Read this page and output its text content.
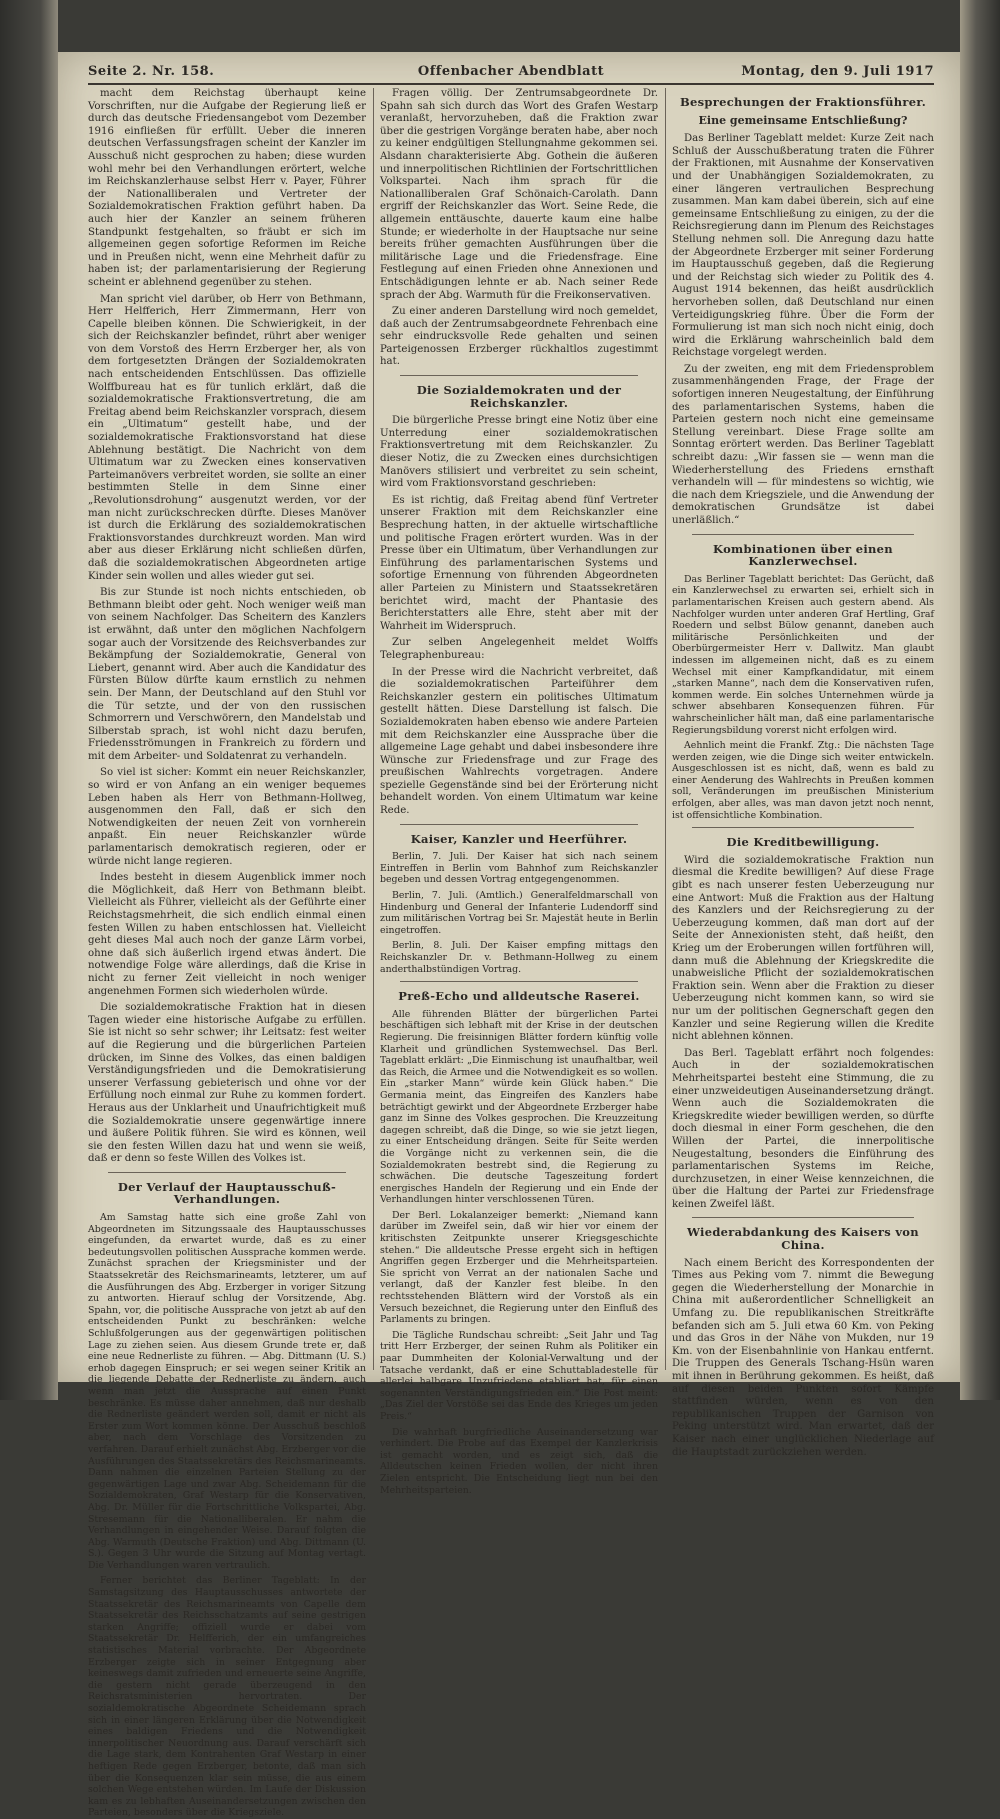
Seite 2. Nr. 158.	Offenbacher Abendblatt	Montag, den 9. Juli 1917

macht dem Reichstag überhaupt keine Vorschriften, nur die Aufgabe der Regierung ließ er durch das deutsche Friedensangebot vom Dezember 1916 einfließen für erfüllt. Ueber die inneren deutschen Verfassungsfragen scheint der Kanzler im Ausschuß nicht gesprochen zu haben; diese wurden wohl mehr bei den Verhandlungen erörtert, welche im Reichskanzlerhause selbst Herr v. Payer, Führer der Nationalliberalen und Vertreter der Sozialdemokratischen Fraktion geführt haben. Da auch hier der Kanzler an seinem früheren Standpunkt festgehalten, so fräubt er sich im allgemeinen gegen sofortige Reformen im Reiche und in Preußen nicht, wenn eine Mehrheit dafür zu haben ist; der parlamentarisierung der Regierung scheint er ablehnend gegenüber zu stehen.

Man spricht viel darüber, ob Herr von Bethmann, Herr Helfferich, Herr Zimmermann, Herr von Capelle bleiben können. Die Schwierigkeit, in der sich der Reichskanzler befindet, rührt aber weniger von dem Vorstoß des Herrn Erzberger her, als von dem fortgesetzten Drängen der Sozialdemokraten nach entscheidenden Entschlüssen. Das offizielle Wolffbureau hat es für tunlich erklärt, daß die sozialdemokratische Fraktionsvertretung, die am Freitag abend beim Reichskanzler vorsprach, diesem ein „Ultimatum“ gestellt habe, und der sozialdemokratische Fraktionsvorstand hat diese Ablehnung bestätigt. Die Nachricht von dem Ultimatum war zu Zwecken eines konservativen Parteimanövers verbreitet worden, sie sollte an einer bestimmten Stelle in dem Sinne einer „Revolutionsdrohung“ ausgenutzt werden, vor der man nicht zurückschrecken dürfte. Dieses Manöver ist durch die Erklärung des sozialdemokratischen Fraktionsvorstandes durchkreuzt worden. Man wird aber aus dieser Erklärung nicht schließen dürfen, daß die sozialdemokratischen Abgeordneten artige Kinder sein wollen und alles wieder gut sei.

Bis zur Stunde ist noch nichts entschieden, ob Bethmann bleibt oder geht. Noch weniger weiß man von seinem Nachfolger. Das Scheitern des Kanzlers ist erwähnt, daß unter den möglichen Nachfolgern sogar auch der Vorsitzende des Reichsverbandes zur Bekämpfung der Sozialdemokratie, General von Liebert, genannt wird. Aber auch die Kandidatur des Fürsten Bülow dürfte kaum ernstlich zu nehmen sein. Der Mann, der Deutschland auf den Stuhl vor die Tür setzte, und der von den russischen Schmorrern und Verschwörern, den Mandelstab und Silberstab sprach, ist wohl nicht dazu berufen, Friedensströmungen in Frankreich zu fördern und mit dem Arbeiter- und Soldatenrat zu verhandeln.

So viel ist sicher: Kommt ein neuer Reichskanzler, so wird er von Anfang an ein weniger bequemes Leben haben als Herr von Bethmann-Hollweg, ausgenommen den Fall, daß er sich den Notwendigkeiten der neuen Zeit von vornherein anpaßt. Ein neuer Reichskanzler würde parlamentarisch demokratisch regieren, oder er würde nicht lange regieren.

Indes besteht in diesem Augenblick immer noch die Möglichkeit, daß Herr von Bethmann bleibt. Vielleicht als Führer, vielleicht als der Geführte einer Reichstagsmehrheit, die sich endlich einmal einen festen Willen zu haben entschlossen hat. Vielleicht geht dieses Mal auch noch der ganze Lärm vorbei, ohne daß sich äußerlich irgend etwas ändert. Die notwendige Folge wäre allerdings, daß die Krise in nicht zu ferner Zeit vielleicht in noch weniger angenehmen Formen sich wiederholen würde.

Die sozialdemokratische Fraktion hat in diesen Tagen wieder eine historische Aufgabe zu erfüllen. Sie ist nicht so sehr schwer; ihr Leitsatz: fest weiter auf die Regierung und die bürgerlichen Parteien drücken, im Sinne des Volkes, das einen baldigen Verständigungsfrieden und die Demokratisierung unserer Verfassung gebieterisch und ohne vor der Erfüllung noch einmal zur Ruhe zu kommen fordert. Heraus aus der Unklarheit und Unaufrichtigkeit muß die Sozialdemokratie unsere gegenwärtige innere und äußere Politik führen. Sie wird es können, weil sie den festen Willen dazu hat und wenn sie weiß, daß er denn so feste Willen des Volkes ist.

Der Verlauf der Hauptausschuß-Verhandlungen.

Am Samstag hatte sich eine große Zahl von Abgeordneten im Sitzungssaale des Hauptausschusses eingefunden, da erwartet wurde, daß es zu einer bedeutungsvollen politischen Aussprache kommen werde. Zunächst sprachen der Kriegsminister und der Staatssekretär des Reichsmarineamts, letzterer, um auf die Ausführungen des Abg. Erzberger in voriger Sitzung zu antworten. Hierauf schlug der Vorsitzende, Abg. Spahn, vor, die politische Aussprache von jetzt ab auf den entscheidenden Punkt zu beschränken: welche Schlußfolgerungen aus der gegenwärtigen politischen Lage zu ziehen seien. Aus diesem Grunde trete er, daß eine neue Rednerliste zu führen. — Abg. Dittmann (U. S.) erhob dagegen Einspruch; er sei wegen seiner Kritik an die liegende Debatte der Rednerliste zu ändern, auch wenn man jetzt die Aussprache auf einen Punkt beschränke. Es müsse daher annehmen, daß nur deshalb die Rednerliste geändert werden soll, damit er nicht als Erster zum Wort kommen könne. Der Ausschuß beschloß aber, nach dem Vorschlage des Vorsitzenden zu verfahren. Darauf erhielt zunächst Abg. Erzberger vor die Ausführungen des Staatssekretärs des Reichsmarineamts. Dann nahmen die einzelnen Parteien Stellung zu der gegenwärtigen Lage und zwar Abg. Scheidemann für die Sozialdemokraten, Graf Westarp für die Konservativen, Abg. Dr. Müller für die Fortschrittliche Volkspartei, Abg. Stresemann für die Nationalliberalen. Er nahm die Verhandlungen in eingehender Weise. Darauf folgten die Abg. Warmuth (Deutsche Fraktion) und Abg. Dittmann (U. S.). Gegen 3 Uhr wurde die Sitzung auf Montag vertagt. Die Verhandlungen waren vertraulich.

Ferner berichtet das Berliner Tageblatt: In der Samstagsitzung des Hauptausschusses antwortete der Staatssekretär des Reichsmarineamts von Capelle dem Staatssekretär des Reichsschatzamts auf seine gestrigen starken Angriffe; offiziell wurde er dabei vom Staatssekretär Dr. Helfferich, der ein umfangreiches statistisches Material vorbrachte. Der Abgeordnete Erzberger zeigte sich in seiner Entgegnung aber keineswegs damit zufrieden und erneuerte seine Angriffe, die gestern nicht gerade überzeugend in den Reichsratsministerien hervortraten. Der sozialdemokratische Abgeordnete Scheidemann sprach sich in einer längeren Erklärung über die Notwendigkeit eines baldigen Friedens und die Notwendigkeit innerpolitischer Neuordnung aus. Darauf verschärft sich die Lage stark, dem Kontrahenten Graf Westarp in einer heftigen Rede gegen Erzberger, betonte, daß man sich über die Konsequenzen klar sein müsse, die aus einem solchen Wege entstehen würden. Im Laufe der Diskussion kam es zu lebhaften Auseinandersetzungen zwischen den Parteien, besonders über die Kriegsziele.

Fragen völlig. Der Zentrumsabgeordnete Dr. Spahn sah sich durch das Wort des Grafen Westarp veranlaßt, hervorzuheben, daß die Fraktion zwar über die gestrigen Vorgänge beraten habe, aber noch zu keiner endgültigen Stellungnahme gekommen sei. Alsdann charakterisierte Abg. Gothein die äußeren und innerpolitischen Richtlinien der Fortschrittlichen Volkspartei. Nach ihm sprach für die Nationalliberalen Graf Schönaich-Carolath. Dann ergriff der Reichskanzler das Wort. Seine Rede, die allgemein enttäuschte, dauerte kaum eine halbe Stunde; er wiederholte in der Hauptsache nur seine bereits früher gemachten Ausführungen über die militärische Lage und die Friedensfrage. Eine Festlegung auf einen Frieden ohne Annexionen und Entschädigungen lehnte er ab. Nach seiner Rede sprach der Abg. Warmuth für die Freikonservativen.

Zu einer anderen Darstellung wird noch gemeldet, daß auch der Zentrumsabgeordnete Fehrenbach eine sehr eindrucksvolle Rede gehalten und seinen Parteigenossen Erzberger rückhaltlos zugestimmt hat.

Die Sozialdemokraten und der Reichskanzler.

Die bürgerliche Presse bringt eine Notiz über eine Unterredung einer sozialdemokratischen Fraktionsvertretung mit dem Reichskanzler. Zu dieser Notiz, die zu Zwecken eines durchsichtigen Manövers stilisiert und verbreitet zu sein scheint, wird vom Fraktionsvorstand geschrieben:

Es ist richtig, daß Freitag abend fünf Vertreter unserer Fraktion mit dem Reichskanzler eine Besprechung hatten, in der aktuelle wirtschaftliche und politische Fragen erörtert wurden. Was in der Presse über ein Ultimatum, über Verhandlungen zur Einführung des parlamentarischen Systems und sofortige Ernennung von führenden Abgeordneten aller Parteien zu Ministern und Staatssekretären berichtet wird, macht der Phantasie des Berichterstatters alle Ehre, steht aber mit der Wahrheit im Widerspruch.

Zur selben Angelegenheit meldet Wolffs Telegraphenbureau:

In der Presse wird die Nachricht verbreitet, daß die sozialdemokratischen Parteiführer dem Reichskanzler gestern ein politisches Ultimatum gestellt hätten. Diese Darstellung ist falsch. Die Sozialdemokraten haben ebenso wie andere Parteien mit dem Reichskanzler eine Aussprache über die allgemeine Lage gehabt und dabei insbesondere ihre Wünsche zur Friedensfrage und zur Frage des preußischen Wahlrechts vorgetragen. Andere spezielle Gegenstände sind bei der Erörterung nicht behandelt worden. Von einem Ultimatum war keine Rede.

Kaiser, Kanzler und Heerführer.

Berlin, 7. Juli. Der Kaiser hat sich nach seinem Eintreffen in Berlin vom Bahnhof zum Reichskanzler begeben und dessen Vortrag entgegengenommen.

Berlin, 7. Juli. (Amtlich.) Generalfeldmarschall von Hindenburg und General der Infanterie Ludendorff sind zum militärischen Vortrag bei Sr. Majestät heute in Berlin eingetroffen.

Berlin, 8. Juli. Der Kaiser empfing mittags den Reichskanzler Dr. v. Bethmann-Hollweg zu einem anderthalbstündigen Vortrag.

Preß-Echo und alldeutsche Raserei.

Alle führenden Blätter der bürgerlichen Partei beschäftigen sich lebhaft mit der Krise in der deutschen Regierung. Die freisinnigen Blätter fordern künftig volle Klarheit und gründlichen Systemwechsel. Das Berl. Tageblatt erklärt: „Die Einmischung ist unaufhaltbar, weil das Reich, die Armee und die Notwendigkeit es so wollen. Ein „starker Mann“ würde kein Glück haben.“ Die Germania meint, das Eingreifen des Kanzlers habe beträchtigt gewirkt und der Abgeordnete Erzberger habe ganz im Sinne des Volkes gesprochen. Die Kreuzzeitung dagegen schreibt, daß die Dinge, so wie sie jetzt liegen, zu einer Entscheidung drängen. Seite für Seite werden die Vorgänge nicht zu verkennen sein, die die Sozialdemokraten bestrebt sind, die Regierung zu schwächen. Die deutsche Tageszeitung fordert energisches Handeln der Regierung und ein Ende der Verhandlungen hinter verschlossenen Türen.

Der Berl. Lokalanzeiger bemerkt: „Niemand kann darüber im Zweifel sein, daß wir hier vor einem der kritischsten Zeitpunkte unserer Kriegsgeschichte stehen.“ Die alldeutsche Presse ergeht sich in heftigen Angriffen gegen Erzberger und die Mehrheitsparteien. Sie spricht von Verrat an der nationalen Sache und verlangt, daß der Kanzler fest bleibe. In den rechtsstehenden Blättern wird der Vorstoß als ein Versuch bezeichnet, die Regierung unter den Einfluß des Parlaments zu bringen.

Die Tägliche Rundschau schreibt: „Seit Jahr und Tag tritt Herr Erzberger, der seinen Ruhm als Politiker ein paar Dummheiten der Kolonial-Verwaltung und der Tatsache verdankt, daß er eine Schuttabladestelle für allerlei halbgare Unzufriedene etabliert hat, für einen sogenannten Verständigungsfrieden ein.“ Die Post meint: „Das Ziel der Vorstöße sei das Ende des Krieges um jeden Preis.“

Die wahrhaft burgfriedliche Auseinandersetzung war verhindert. Die Probe auf das Exempel der Kanzlerkrisis ist gemacht worden, und es zeigt sich, daß die Alldeutschen keinen Frieden wollen, der nicht ihren Zielen entspricht. Die Entscheidung liegt nun bei den Mehrheitsparteien.

Besprechungen der Fraktionsführer.
Eine gemeinsame Entschließung?

Das Berliner Tageblatt meldet: Kurze Zeit nach Schluß der Ausschußberatung traten die Führer der Fraktionen, mit Ausnahme der Konservativen und der Unabhängigen Sozialdemokraten, zu einer längeren vertraulichen Besprechung zusammen. Man kam dabei überein, sich auf eine gemeinsame Entschließung zu einigen, zu der die Reichsregierung dann im Plenum des Reichstages Stellung nehmen soll. Die Anregung dazu hatte der Abgeordnete Erzberger mit seiner Forderung im Hauptausschuß gegeben, daß die Regierung und der Reichstag sich wieder zu Politik des 4. August 1914 bekennen, das heißt ausdrücklich hervorheben sollen, daß Deutschland nur einen Verteidigungskrieg führe. Über die Form der Formulierung ist man sich noch nicht einig, doch wird die Erklärung wahrscheinlich bald dem Reichstage vorgelegt werden.

Zu der zweiten, eng mit dem Friedensproblem zusammenhängenden Frage, der Frage der sofortigen inneren Neugestaltung, der Einführung des parlamentarischen Systems, haben die Parteien gestern noch nicht eine gemeinsame Stellung vereinbart. Diese Frage sollte am Sonntag erörtert werden. Das Berliner Tageblatt schreibt dazu: „Wir fassen sie — wenn man die Wiederherstellung des Friedens ernsthaft verhandeln will — für mindestens so wichtig, wie die nach dem Kriegsziele, und die Anwendung der demokratischen Grundsätze ist dabei unerläßlich.“

Kombinationen über einen Kanzlerwechsel.

Das Berliner Tageblatt berichtet: Das Gerücht, daß ein Kanzlerwechsel zu erwarten sei, erhielt sich in parlamentarischen Kreisen auch gestern abend. Als Nachfolger wurden unter anderen Graf Hertling, Graf Roedern und selbst Bülow genannt, daneben auch militärische Persönlichkeiten und der Oberbürgermeister Herr v. Dallwitz. Man glaubt indessen im allgemeinen nicht, daß es zu einem Wechsel mit einer Kampfkandidatur, mit einem „starken Manne“, nach dem die Konservativen rufen, kommen werde. Ein solches Unternehmen würde ja schwer absehbaren Konsequenzen führen. Für wahrscheinlicher hält man, daß eine parlamentarische Regierungsbildung vorerst nicht erfolgen wird.

Aehnlich meint die Frankf. Ztg.: Die nächsten Tage werden zeigen, wie die Dinge sich weiter entwickeln. Ausgeschlossen ist es nicht, daß, wenn es bald zu einer Aenderung des Wahlrechts in Preußen kommen soll, Veränderungen im preußischen Ministerium erfolgen, aber alles, was man davon jetzt noch nennt, ist offensichtliche Kombination.

Die Kreditbewilligung.

Wird die sozialdemokratische Fraktion nun diesmal die Kredite bewilligen? Auf diese Frage gibt es nach unserer festen Ueberzeugung nur eine Antwort: Muß die Fraktion aus der Haltung des Kanzlers und der Reichsregierung zu der Ueberzeugung kommen, daß man dort auf der Seite der Annexionisten steht, daß heißt, den Krieg um der Eroberungen willen fortführen will, dann muß die Ablehnung der Kriegskredite die unabweisliche Pflicht der sozialdemokratischen Fraktion sein. Wenn aber die Fraktion zu dieser Ueberzeugung nicht kommen kann, so wird sie nur um der politischen Gegnerschaft gegen den Kanzler und seine Regierung willen die Kredite nicht ablehnen können.

Das Berl. Tageblatt erfährt noch folgendes: Auch in der sozialdemokratischen Mehrheitspartei besteht eine Stimmung, die zu einer unzweideutigen Auseinandersetzung drängt. Wenn auch die Sozialdemokraten die Kriegskredite wieder bewilligen werden, so dürfte doch diesmal in einer Form geschehen, die den Willen der Partei, die innerpolitische Neugestaltung, besonders die Einführung des parlamentarischen Systems im Reiche, durchzusetzen, in einer Weise kennzeichnen, die über die Haltung der Partei zur Friedensfrage keinen Zweifel läßt.

Wiederabdankung des Kaisers von China.

Nach einem Bericht des Korrespondenten der Times aus Peking vom 7. nimmt die Bewegung gegen die Wiederherstellung der Monarchie in China mit außerordentlicher Schnelligkeit an Umfang zu. Die republikanischen Streitkräfte befanden sich am 5. Juli etwa 60 Km. von Peking und das Gros in der Nähe von Mukden, nur 19 Km. von der Eisenbahnlinie von Hankau entfernt. Die Truppen des Generals Tschang-Hsün waren mit ihnen in Berührung gekommen. Es heißt, daß auf diesen beiden Punkten sofort Kämpfe stattfinden würden, wenn es von den republikanischen Truppen der Garnison von Peking unterstützt wird. Man erwartet, daß der Kaiser nach einer unglücklichen Niederlage auf die Hauptstadt zurückziehen werden.
